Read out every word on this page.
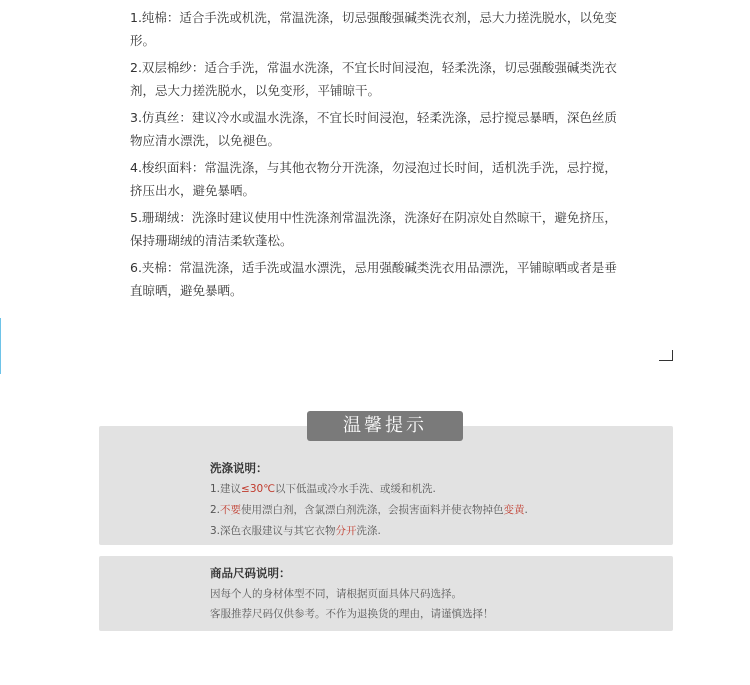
1.纯棉：适合手洗或机洗，常温洗涤，切忌强酸强碱类洗衣剂，忌大力搓洗脱水，以免变形。

2.双层棉纱：适合手洗，常温水洗涤，不宜长时间浸泡，轻柔洗涤，切忌强酸强碱类洗衣剂，忌大力搓洗脱水，以免变形，平铺晾干。

3.仿真丝：建议冷水或温水洗涤，不宜长时间浸泡，轻柔洗涤，忌拧搅忌暴晒，深色丝质物应清水漂洗，以免褪色。

4.梭织面料：常温洗涤，与其他衣物分开洗涤，勿浸泡过长时间，适机洗手洗，忌拧搅，挤压出水，避免暴晒。

5.珊瑚绒：洗涤时建议使用中性洗涤剂常温洗涤，洗涤好在阴凉处自然晾干，避免挤压，保持珊瑚绒的清洁柔软蓬松。

6.夹棉：常温洗涤，适手洗或温水漂洗，忌用强酸碱类洗衣用品漂洗，平铺晾晒或者是垂直晾晒，避免暴晒。

温馨提示
洗涤说明：
1.建议≤30℃以下低温或冷水手洗、或缓和机洗.
2.不要使用漂白剂，含氯漂白剂洗涤，会损害面料并使衣物掉色变黄.
3.深色衣服建议与其它衣物分开洗涤.
商品尺码说明：
因每个人的身材体型不同，请根据页面具体尺码选择。
客服推荐尺码仅供参考。不作为退换货的理由，请谨慎选择！
